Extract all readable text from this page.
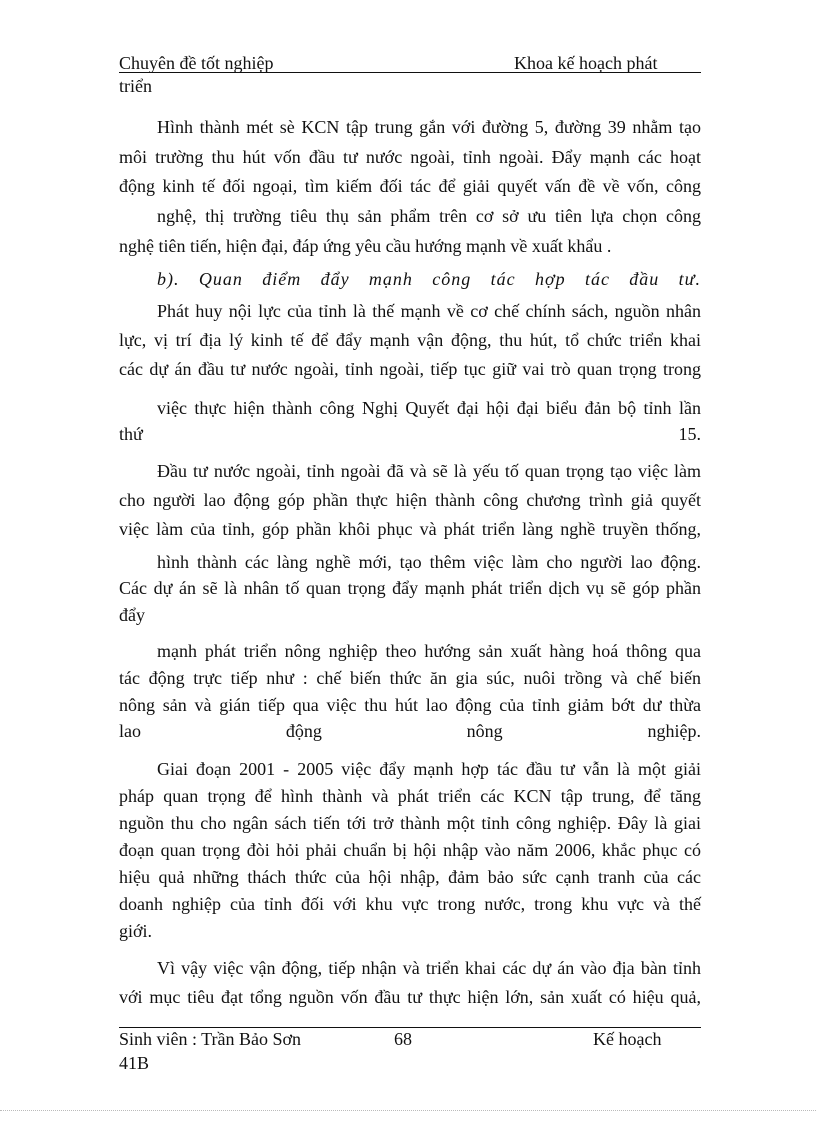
Chuyên đề tốt nghiệp	Khoa kế hoạch phát
triển
Hình thành mét sè KCN tập trung gắn với đường 5, đường 39 nhằm tạo
môi trường thu hút vốn đầu tư nước ngoài, tỉnh ngoài. Đẩy mạnh các hoạt
động kinh tế đối ngoại, tìm kiếm đối tác để giải quyết vấn đề về vốn, công
nghệ, thị trường tiêu thụ sản phẩm trên cơ sở ưu tiên lựa chọn công
nghệ tiên tiến, hiện đại, đáp ứng yêu cầu hướng mạnh về xuất khẩu .
b). Quan điểm đẩy mạnh công tác hợp tác đầu tư.
Phát huy nội lực của tỉnh là thế mạnh về cơ chế chính sách, nguồn nhân
lực, vị trí địa lý kinh tế để đẩy mạnh vận động, thu hút, tổ chức triển khai
các dự án đầu tư nước ngoài, tỉnh ngoài, tiếp tục giữ vai trò quan trọng trong
việc thực hiện thành công Nghị Quyết đại hội đại biểu đản bộ tỉnh lần
thứ 15.
Đầu tư nước ngoài, tỉnh ngoài đã và sẽ là yếu tố quan trọng tạo việc làm
cho người lao động góp phần thực hiện thành công chương trình giả quyết
việc làm của tỉnh, góp phần khôi phục và phát triển làng nghề truyền thống,
hình thành các làng nghề mới, tạo thêm việc làm cho người lao động.
Các dự án sẽ là nhân tố quan trọng đẩy mạnh phát triển dịch vụ sẽ góp phần
đẩy
mạnh phát triển nông nghiệp theo hướng sản xuất hàng hoá thông qua
tác động trực tiếp như : chế biến thức ăn gia súc, nuôi trồng và chế biến
nông sản và gián tiếp qua việc thu hút lao động của tỉnh giảm bớt dư thừa
lao động nông nghiệp.
Giai đoạn 2001 - 2005 việc đẩy mạnh hợp tác đầu tư vẫn là một giải
pháp quan trọng để hình thành và phát triển các KCN tập trung, để tăng
nguồn thu cho ngân sách tiến tới trở thành một tỉnh công nghiệp. Đây là giai
đoạn quan trọng đòi hỏi phải chuẩn bị hội nhập vào năm 2006, khắc phục có
hiệu quả những thách thức của hội nhập, đảm bảo sức cạnh tranh của các
doanh nghiệp của tỉnh đối với khu vực trong nước, trong khu vực và thế
giới.
Vì vậy việc vận động, tiếp nhận và triển khai các dự án vào địa bàn tỉnh
với mục tiêu đạt tổng nguồn vốn đầu tư thực hiện lớn, sản xuất có hiệu quả,
Sinh viên : Trần Bảo Sơn	68	Kế hoạch
41B
